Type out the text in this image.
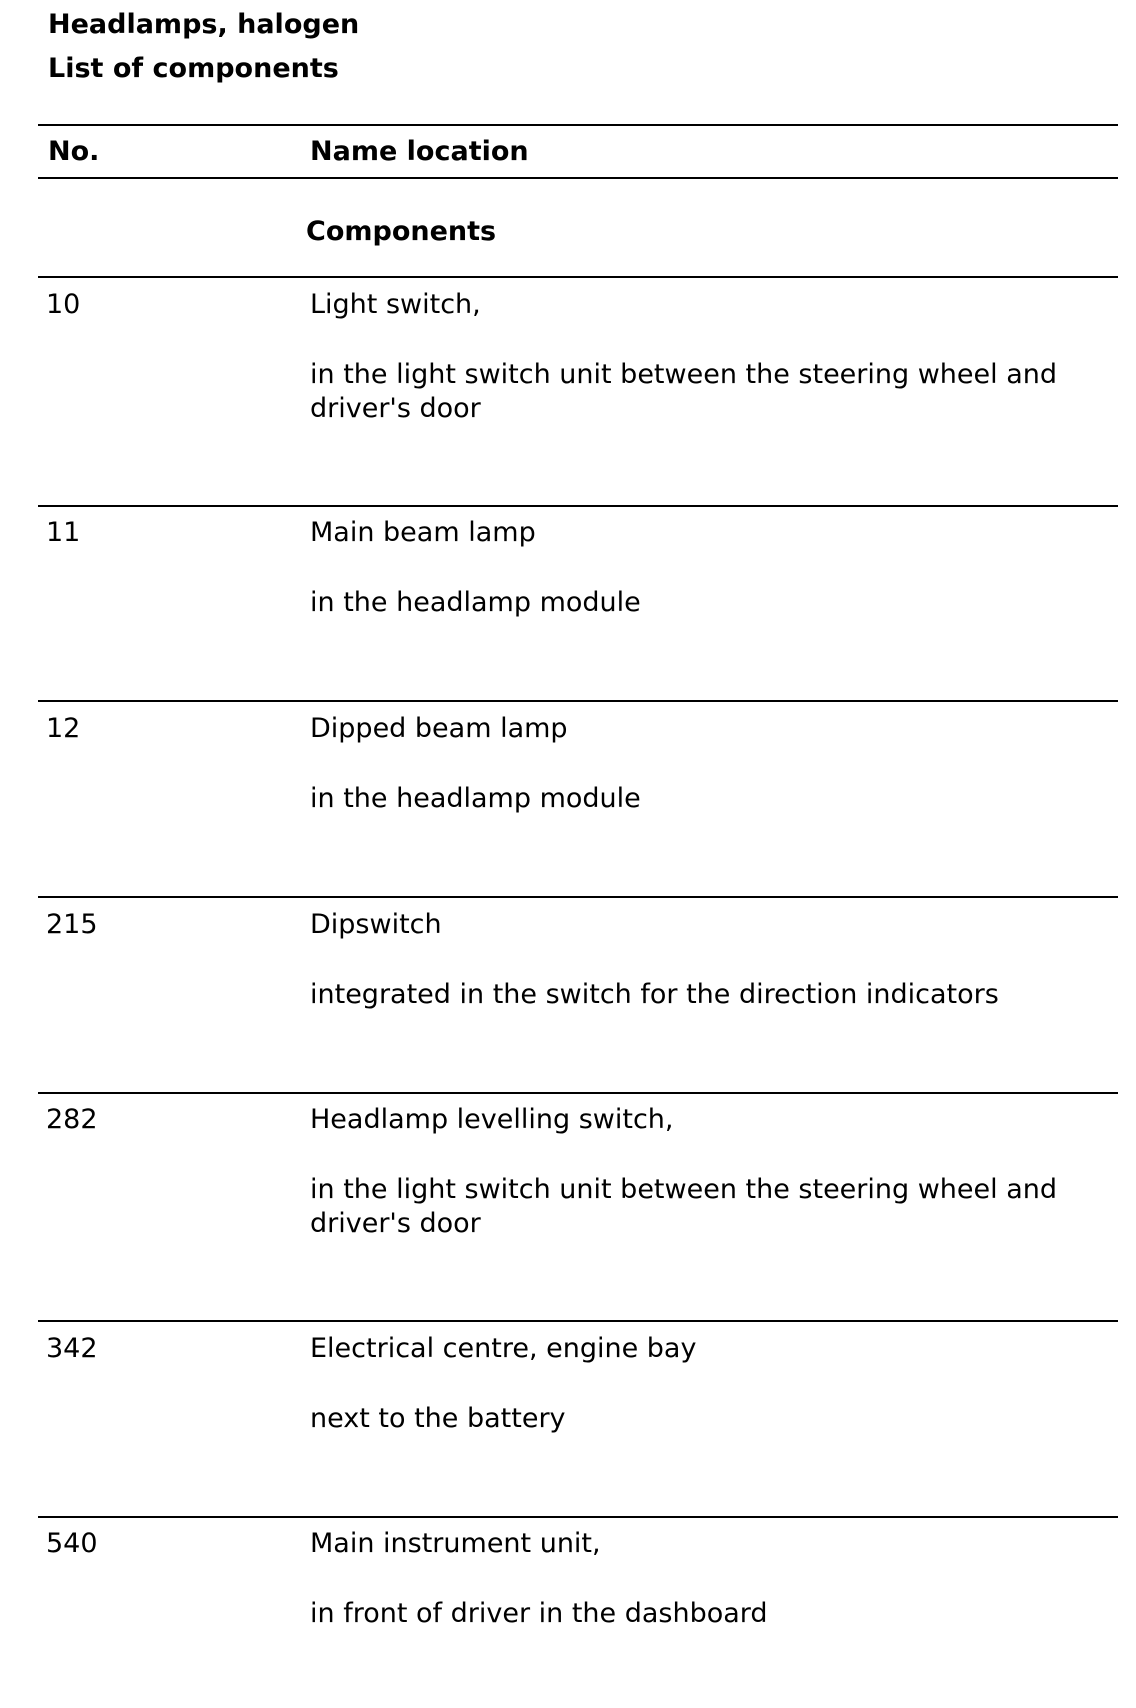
Headlamps, halogen
List of components
No.	Name location
Components
10	Light switch,
in the light switch unit between the steering wheel and driver's door
11	Main beam lamp
in the headlamp module
12	Dipped beam lamp
in the headlamp module
215	Dipswitch
integrated in the switch for the direction indicators
282	Headlamp levelling switch,
in the light switch unit between the steering wheel and driver's door
342	Electrical centre, engine bay
next to the battery
540	Main instrument unit,
in front of driver in the dashboard
